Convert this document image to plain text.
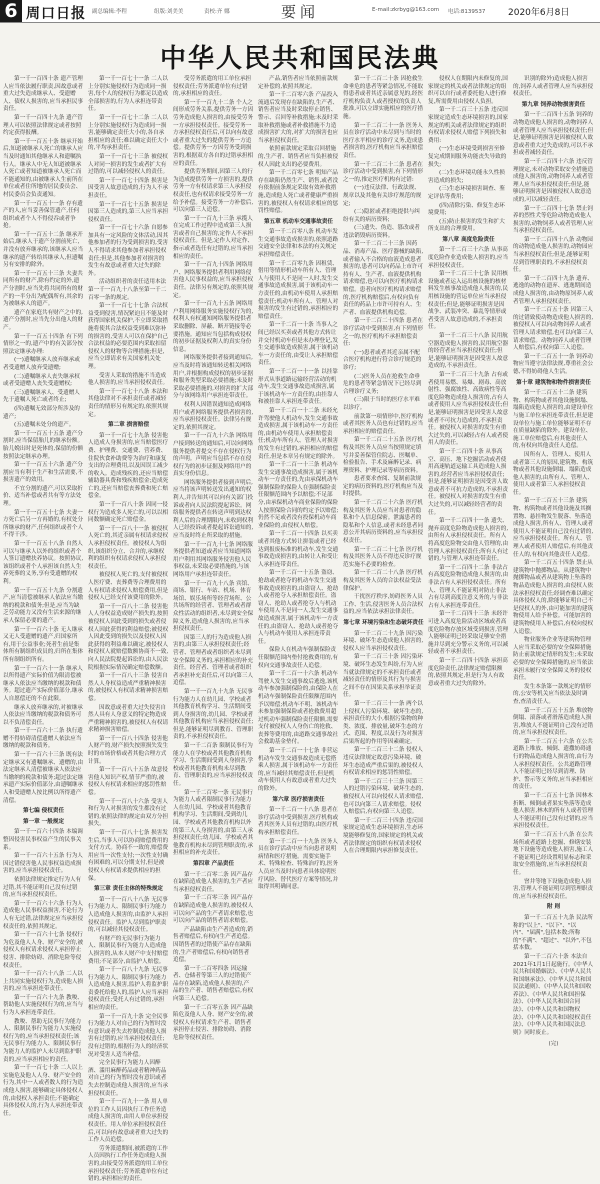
6 周口日报 副总编辑:李程	组版:刘美美	责校:齐 娜	要闻	E-mail:zkrbyg@163.com 电话:8139537	2020年6月8日
中华人民共和国民法典

第一千一百四十条 遗产管理人应当依法履行职责,因故意或者重大过失造成继承人、受遗赠人、债权人损害的,应当承担民事责任。

第一千一百四十九条 遗产管理人可以依照法律规定或者按照约定获得报酬。

第一千一百五十条 继承开始后,知道被继承人死亡的继承人应当及时通知其他继承人和遗嘱执行人。继承人中无人知道被继承人死亡或者知道被继承人死亡而不能通知的,由被继承人生前所在单位或者住所地的居民委员会、村民委员会负责通知。

第一千一百五十一条 存有遗产的人,应当妥善保管遗产,任何组织或者个人不得侵吞或者争抢。

第一千一百五十二条 继承开始后,继承人于遗产分割前死亡,并没有放弃继承的,该继承人应当继承的遗产转给其继承人,但遗嘱另有安排的除外。

第一千一百五十三条 夫妻共同所有的财产,除有约定的外,遗产分割时,应当先将共同所有的财产的一半分出为配偶所有,其余的为被继承人的遗产。

遗产在家庭共有财产之中的,遗产分割时,应当先分出他人的财产。

第一千一百五十四条 有下列情形之一的,遗产中的有关部分按照法定继承办理:

(一)遗嘱继承人放弃继承或者受遗赠人放弃受遗赠;

(二)遗嘱继承人丧失继承权或者受遗赠人丧失受遗赠权;

(三)遗嘱继承人、受遗赠人先于遗嘱人死亡或者终止;

(四)遗嘱无效部分所涉及的遗产;

(五)遗嘱未处分的遗产。

第一千一百五十五条 遗产分割时,应当保留胎儿的继承份额。胎儿娩出时是死体的,保留的份额按照法定继承办理。

第一千一百五十六条 遗产分割应当有利于生产和生活需要,不损害遗产的效用。

不宜分割的遗产,可以采取折价、适当补偿或者共有等方法处理。

第一千一百五十七条 夫妻一方死亡后另一方再婚的,有权处分所继承的财产,任何组织或者个人不得干涉。

第一千一百五十八条 自然人可以与继承人以外的组织或者个人签订遗赠扶养协议。按照协议,该组织或者个人承担该自然人生养死葬的义务,享有受遗赠的权利。

第一千一百五十九条 分割遗产,应当清偿被继承人依法应当缴纳的税款和债务;但是,应当为缺乏劳动能力又没有生活来源的继承人保留必要的遗产。

第一千一百六十条 无人继承又无人受遗赠的遗产,归国家所有,用于公益事业;死者生前是集体所有制组织成员的,归所在集体所有制组织所有。

第一千一百六十一条 继承人以所得遗产实际价值为限清偿被继承人依法应当缴纳的税款和债务。超过遗产实际价值部分,继承人自愿偿还的不在此限。

继承人放弃继承的,对被继承人依法应当缴纳的税款和债务可以不负清偿责任。

第一千一百六十二条 执行遗赠不得妨碍清偿遗赠人依法应当缴纳的税款和债务。

第一千一百六十三条 既有法定继承又有遗嘱继承、遗赠的,由法定继承人清偿被继承人依法应当缴纳的税款和债务;超过法定继承遗产实际价值部分,由遗嘱继承人和受遗赠人按比例以所得遗产清偿。

第七编 侵权责任

第一章 一般规定

第一千一百六十四条 本编调整因侵害民事权益产生的民事关系。

第一千一百六十五条 行为人因过错侵害他人民事权益造成损害的,应当承担侵权责任。

依照法律规定推定行为人有过错,其不能证明自己没有过错的,应当承担侵权责任。

第一千一百六十六条 行为人造成他人民事权益损害,不论行为人有无过错,法律规定应当承担侵权责任的,依照其规定。

第一千一百六十七条 侵权行为危及他人人身、财产安全的,被侵权人有权请求侵权人承担停止侵害、排除妨碍、消除危险等侵权责任。

第一千一百六十八条 二人以上共同实施侵权行为,造成他人损害的,应当承担连带责任。

第一千一百六十九条 教唆、帮助他人实施侵权行为的,应当与行为人承担连带责任。

教唆、帮助无民事行为能力人、限制民事行为能力人实施侵权行为的,应当承担侵权责任;该无民事行为能力人、限制民事行为能力人的监护人未尽到监护职责的,应当承担相应的责任。

第一千一百七十条 二人以上实施危及他人人身、财产安全的行为,其中一人或者数人的行为造成他人损害,能够确定具体侵权人的,由侵权人承担责任;不能确定具体侵权人的,行为人承担连带责任。

第一千一百七十一条 二人以上分别实施侵权行为造成同一损害,每个人的侵权行为都足以造成全部损害的,行为人承担连带责任。

第一千一百七十二条 二人以上分别实施侵权行为造成同一损害,能够确定责任大小的,各自承担相应的责任;难以确定责任大小的,平均承担责任。

第一千一百七十三条 被侵权人对同一损害的发生或者扩大有过错的,可以减轻侵权人的责任。

第一千一百七十四条 损害是因受害人故意造成的,行为人不承担责任。

第一千一百七十五条 损害是因第三人造成的,第三人应当承担侵权责任。

第一千一百七十六条 自愿参加具有一定风险的文体活动,因其他参加者的行为受到损害的,受害人不得请求其他参加者承担侵权责任;但是,其他参加者对损害的发生有故意或者重大过失的除外。

活动组织者的责任适用本法第一千一百九十八条至第一千二百零一条的规定。

第一千一百七十七条 合法权益受到侵害,情况紧迫且不能及时获得国家机关保护,不立即采取措施将使其合法权益受到难以弥补的损害的,受害人可以在保护自己合法权益的必要范围内采取扣留侵权人的财物等合理措施;但是,应当立即请求有关国家机关处理。

受害人采取的措施不当造成他人损害的,应当承担侵权责任。

第一千一百七十八条 本法和其他法律对不承担责任或者减轻责任的情形另有规定的,依照其规定。

第二章 损害赔偿

第一千一百七十九条 侵害他人造成人身损害的,应当赔偿医疗费、护理费、交通费、营养费、住院伙食补助费等为治疗和康复支出的合理费用,以及因误工减少的收入。造成残疾的,还应当赔偿辅助器具费和残疾赔偿金;造成死亡的,还应当赔偿丧葬费和死亡赔偿金。

第一千一百八十条 因同一侵权行为造成多人死亡的,可以以相同数额确定死亡赔偿金。

第一千一百八十一条 被侵权人死亡的,其近亲属有权请求侵权人承担侵权责任。被侵权人为组织,该组织分立、合并的,承继权利的组织有权请求侵权人承担侵权责任。

被侵权人死亡的,支付被侵权人医疗费、丧葬费等合理费用的人有权请求侵权人赔偿费用,但是侵权人已经支付该费用的除外。

第一千一百八十二条 侵害他人人身权益造成财产损失的,按照被侵权人因此受到的损失或者侵权人因此获得的利益赔偿;被侵权人因此受到的损失以及侵权人因此获得的利益难以确定,被侵权人和侵权人就赔偿数额协商不一致,向人民法院提起诉讼的,由人民法院根据实际情况确定赔偿数额。

第一千一百八十三条 侵害自然人人身权益造成严重精神损害的,被侵权人有权请求精神损害赔偿。

因故意或者重大过失侵害自然人具有人身意义的特定物造成严重精神损害的,被侵权人有权请求精神损害赔偿。

第一千一百八十四条 侵害他人财产的,财产损失按照损失发生时的市场价格或者其他合理方式计算。

第一千一百八十五条 故意侵害他人知识产权,情节严重的,被侵权人有权请求相应的惩罚性赔偿。

第一千一百八十六条 受害人和行为人对损害的发生都没有过错的,依照法律的规定由双方分担损失。

第一千一百八十七条 损害发生后,当事人可以协商赔偿费用的支付方式。协商不一致的,赔偿费用应当一次性支付;一次性支付确有困难的,可以分期支付,但是被侵权人有权请求提供相应的担保。

第三章 责任主体的特殊规定

第一千一百八十八条 无民事行为能力人、限制民事行为能力人造成他人损害的,由监护人承担侵权责任。监护人尽到监护职责的,可以减轻其侵权责任。

有财产的无民事行为能力人、限制民事行为能力人造成他人损害的,从本人财产中支付赔偿费用;不足部分,由监护人赔偿。

第一千一百八十九条 无民事行为能力人、限制民事行为能力人造成他人损害,监护人将监护职责委托给他人的,监护人应当承担侵权责任;受托人有过错的,承担相应的责任。

第一千一百九十条 完全民事行为能力人对自己的行为暂时没有意识或者失去控制造成他人损害有过错的,应当承担侵权责任;没有过错的,根据行为人的经济状况对受害人适当补偿。

完全民事行为能力人因醉酒、滥用麻醉药品或者精神药品对自己的行为暂时没有意识或者失去控制造成他人损害的,应当承担侵权责任。

第一千一百九十一条 用人单位的工作人员因执行工作任务造成他人损害的,由用人单位承担侵权责任。用人单位承担侵权责任后,可以向有故意或者重大过失的工作人员追偿。

劳务派遣期间,被派遣的工作人员因执行工作任务造成他人损害的,由接受劳务派遣的用工单位承担侵权责任;劳务派遣单位有过错的,承担相应的责任。

受劳务派遣的用工单位承担侵权责任;劳务派遣单位有过错的,承担相应的责任。

第一千一百九十二条 个人之间形成劳务关系,提供劳务一方因劳务造成他人损害的,由接受劳务一方承担侵权责任。接受劳务一方承担侵权责任后,可以向有故意或者重大过失的提供劳务一方追偿。提供劳务一方因劳务受到损害的,根据双方各自的过错承担相应的责任。

提供劳务期间,因第三人的行为造成提供劳务一方损害的,提供劳务一方有权请求第三人承担侵权责任,也有权请求接受劳务一方给予补偿。接受劳务一方补偿后,可以向第三人追偿。

第一千一百九十三条 承揽人在完成工作过程中造成第三人损害或者自己损害的,定作人不承担侵权责任。但是,定作人对定作、指示或者选任有过错的,应当承担相应的责任。

第一千一百九十四条 网络用户、网络服务提供者利用网络侵害他人民事权益的,应当承担侵权责任。法律另有规定的,依照其规定。

第一千一百九十五条 网络用户利用网络服务实施侵权行为的,权利人有权通知网络服务提供者采取删除、屏蔽、断开链接等必要措施。通知应当包括构成侵权的初步证据及权利人的真实身份信息。

网络服务提供者接到通知后,应当及时将该通知转送相关网络用户,并根据构成侵权的初步证据和服务类型采取必要措施;未及时采取必要措施的,对损害的扩大部分与该网络用户承担连带责任。

权利人因错误通知造成网络用户或者网络服务提供者损害的,应当承担侵权责任。法律另有规定的,依照其规定。

第一千一百九十六条 网络用户接到转送的通知后,可以向网络服务提供者提交不存在侵权行为的声明。声明应当包括不存在侵权行为的初步证据及网络用户的真实身份信息。

网络服务提供者接到声明后,应当将该声明转送发出通知的权利人,并告知其可以向有关部门投诉或者向人民法院提起诉讼。网络服务提供者在转送声明到达权利人后的合理期限内,未收到权利人已经投诉或者提起诉讼通知的,应当及时终止所采取的措施。

第一千一百九十七条 网络服务提供者知道或者应当知道网络用户利用其网络服务侵害他人民事权益,未采取必要措施的,与该网络用户承担连带责任。

第一千一百九十八条 宾馆、商场、银行、车站、机场、体育场馆、娱乐场所等经营场所、公共场所的经营者、管理者或者群众性活动的组织者,未尽到安全保障义务,造成他人损害的,应当承担侵权责任。

因第三人的行为造成他人损害的,由第三人承担侵权责任;经营者、管理者或者组织者未尽到安全保障义务的,承担相应的补充责任。经营者、管理者或者组织者承担补充责任后,可以向第三人追偿。

第一千一百九十九条 无民事行为能力人在幼儿园、学校或者其他教育机构学习、生活期间受到人身损害的,幼儿园、学校或者其他教育机构应当承担侵权责任;但是,能够证明尽到教育、管理职责的,不承担侵权责任。

第一千二百条 限制民事行为能力人在学校或者其他教育机构学习、生活期间受到人身损害,学校或者其他教育机构未尽到教育、管理职责的,应当承担侵权责任。

第一千二百零一条 无民事行为能力人或者限制民事行为能力人在幼儿园、学校或者其他教育机构学习、生活期间,受到幼儿园、学校或者其他教育机构以外的第三人人身损害的,由第三人承担侵权责任;幼儿园、学校或者其他教育机构未尽到管理职责的,承担相应的补充责任。

第四章 产品责任

第一千二百零二条 因产品存在缺陷造成他人损害的,生产者应当承担侵权责任。

第一千二百零三条 因产品存在缺陷造成他人损害的,被侵权人可以向产品的生产者请求赔偿,也可以向产品的销售者请求赔偿。

产品缺陷由生产者造成的,销售者赔偿后,有权向生产者追偿。因销售者的过错使产品存在缺陷的,生产者赔偿后,有权向销售者追偿。

第一千二百零四条 因运输者、仓储者等第三人的过错使产品存在缺陷,造成他人损害的,产品的生产者、销售者赔偿后,有权向第三人追偿。

第一千二百零五条 因产品缺陷危及他人人身、财产安全的,被侵权人有权请求生产者、销售者承担停止侵害、排除妨碍、消除危险等侵权责任。

产品,销售者应当依照前款规定补偿的,依照其规定。

第一千二百零六条 产品投入流通后发现存在缺陷的,生产者、销售者应当及时采取停止销售、警示、召回等补救措施;未及时采取补救措施或者补救措施不力造成损害扩大的,对扩大的损害也应当承担侵权责任。

依照前款规定采取召回措施的,生产者、销售者应当负担被侵权人因此支出的必要费用。

第一千二百零七条 明知产品存在缺陷仍然生产、销售,或者没有依据前条规定采取有效补救措施,造成他人死亡或者健康严重损害的,被侵权人有权请求相应的惩罚性赔偿。

第五章 机动车交通事故责任

第一千二百零八条 机动车发生交通事故造成损害的,依照道路交通安全法律和本法的有关规定承担赔偿责任。

第一千二百零九条 因租赁、借用等情形机动车所有人、管理人与使用人不是同一人时,发生交通事故造成损害,属于该机动车一方责任的,由机动车使用人承担赔偿责任;机动车所有人、管理人对损害的发生有过错的,承担相应的赔偿责任。

第一千二百一十条 当事人之间已经以买卖或者其他方式转让并交付机动车但是未办理登记,发生交通事故造成损害,属于该机动车一方责任的,由受让人承担赔偿责任。

第一千二百一十一条 以挂靠形式从事道路运输经营活动的机动车,发生交通事故造成损害,属于该机动车一方责任的,由挂靠人和被挂靠人承担连带责任。

第一千二百一十二条 未经允许驾驶他人机动车,发生交通事故造成损害,属于该机动车一方责任的,由机动车使用人承担赔偿责任;机动车所有人、管理人对损害的发生有过错的,承担相应的赔偿责任,但是本章另有规定的除外。

第一千二百一十三条 机动车发生交通事故造成损害,属于该机动车一方责任的,先由承保机动车强制保险的保险人在强制保险责任限额范围内予以赔偿;不足部分,由承保机动车商业保险的保险人按照保险合同的约定予以赔偿;仍然不足或者没有投保机动车商业保险的,由侵权人赔偿。

第一千二百一十四条 以买卖或者其他方式转让拼装或者已经达到报废标准的机动车,发生交通事故造成损害的,由转让人和受让人承担连带责任。

第一千二百一十五条 盗窃、抢劫或者抢夺的机动车发生交通事故造成损害的,由盗窃人、抢劫人或者抢夺人承担赔偿责任。盗窃人、抢劫人或者抢夺人与机动车使用人不是同一人,发生交通事故造成损害,属于该机动车一方责任的,由盗窃人、抢劫人或者抢夺人与机动车使用人承担连带责任。

保险人在机动车强制保险责任限额范围内垫付抢救费用的,有权向交通事故责任人追偿。

第一千二百一十六条 机动车驾驶人发生交通事故后逃逸,该机动车参加强制保险的,由保险人在机动车强制保险责任限额范围内予以赔偿;机动车不明、该机动车未参加强制保险或者抢救费用超过机动车强制保险责任限额,需要支付被侵权人人身伤亡的抢救、丧葬等费用的,由道路交通事故社会救助基金垫付。

第一千二百一十七条 非营运机动车发生交通事故造成无偿搭乘人损害,属于该机动车一方责任的,应当减轻其赔偿责任,但是机动车使用人有故意或者重大过失的除外。

第六章 医疗损害责任

第一千二百一十八条 患者在诊疗活动中受到损害,医疗机构或者其医务人员有过错的,由医疗机构承担赔偿责任。

第一千二百一十九条 医务人员在诊疗活动中应当向患者说明病情和医疗措施。需要实施手术、特殊检查、特殊治疗的,医务人员应当及时向患者具体说明医疗风险、替代医疗方案等情况,并取得其明确同意。

第一千二百二十条 因抢救生命垂危的患者等紧急情况,不能取得患者或者其近亲属意见的,经医疗机构负责人或者授权的负责人批准,可以立即实施相应的医疗措施。

第一千二百二十一条 医务人员在诊疗活动中未尽到与当时的医疗水平相应的诊疗义务,造成患者损害的,医疗机构应当承担赔偿责任。

第一千二百二十二条 患者在诊疗活动中受到损害,有下列情形之一的,推定医疗机构有过错:

(一)违反法律、行政法规、规章以及其他有关诊疗规范的规定;

(二)隐匿或者拒绝提供与纠纷有关的病历资料;

(三)遗失、伪造、篡改或者违法销毁病历资料。

第一千二百二十三条 因药品、消毒产品、医疗器械的缺陷,或者输入不合格的血液造成患者损害的,患者可以向药品上市许可持有人、生产者、血液提供机构请求赔偿,也可以向医疗机构请求赔偿。患者向医疗机构请求赔偿的,医疗机构赔偿后,有权向负有责任的药品上市许可持有人、生产者、血液提供机构追偿。

第一千二百二十四条 患者在诊疗活动中受到损害,有下列情形之一的,医疗机构不承担赔偿责任:

(一)患者或者其近亲属不配合医疗机构进行符合诊疗规范的诊疗;

(二)医务人员在抢救生命垂危的患者等紧急情况下已经尽到合理诊疗义务;

(三)限于当时的医疗水平难以诊疗。

前款第一项情形中,医疗机构或者其医务人员也有过错的,应当承担相应的赔偿责任。

第一千二百二十五条 医疗机构及其医务人员应当按照规定填写并妥善保管住院志、医嘱单、检验报告、手术及麻醉记录、病理资料、护理记录等病历资料。

患者要求查阅、复制前款规定的病历资料的,医疗机构应当及时提供。

第一千二百二十六条 医疗机构及其医务人员应当对患者的隐私和个人信息保密。泄露患者的隐私和个人信息,或者未经患者同意公开其病历资料的,应当承担侵权责任。

第一千二百二十七条 医疗机构及其医务人员不得违反诊疗规范实施不必要的检查。

第一千二百二十八条 医疗机构及其医务人员的合法权益受法律保护。

干扰医疗秩序,妨碍医务人员工作、生活,侵害医务人员合法权益的,应当依法承担法律责任。

第七章 环境污染和生态破坏责任

第一千二百二十九条 因污染环境、破坏生态造成他人损害的,侵权人应当承担侵权责任。

第一千二百三十条 因污染环境、破坏生态发生纠纷,行为人应当就法律规定的不承担责任或者减轻责任的情形及其行为与损害之间不存在因果关系承担举证责任。

第一千二百三十一条 两个以上侵权人污染环境、破坏生态的,承担责任的大小,根据污染物的种类、浓度、排放量,破坏生态的方式、范围、程度,以及行为对损害后果所起的作用等因素确定。

第一千二百三十二条 侵权人违反法律规定故意污染环境、破坏生态造成严重后果的,被侵权人有权请求相应的惩罚性赔偿。

第一千二百三十三条 因第三人的过错污染环境、破坏生态的,被侵权人可以向侵权人请求赔偿,也可以向第三人请求赔偿。侵权人赔偿后,有权向第三人追偿。

第一千二百三十四条 违反国家规定造成生态环境损害,生态环境能够修复的,国家规定的机关或者法律规定的组织有权请求侵权人在合理期限内承担修复责任。

侵权人在期限内未修复的,国家规定的机关或者法律规定的组织可以自行或者委托他人进行修复,所需费用由侵权人负担。

第一千二百三十五条 违反国家规定造成生态环境损害的,国家规定的机关或者法律规定的组织有权请求侵权人赔偿下列损失和费用:

(一)生态环境受到损害至修复完成期间服务功能丧失导致的损失;

(二)生态环境功能永久性损害造成的损失;

(三)生态环境损害调查、鉴定评估等费用;

(四)清除污染、修复生态环境费用;

(五)防止损害的发生和扩大所支出的合理费用。

第八章 高度危险责任

第一千二百三十六条 从事高度危险作业造成他人损害的,应当承担侵权责任。

第一千二百三十七条 民用核设施或者运入运出核设施的核材料发生核事故造成他人损害的,民用核设施的营运单位应当承担侵权责任;但是,能够证明损害是因战争、武装冲突、暴乱等情形或者受害人故意造成的,不承担责任。

第一千二百三十八条 民用航空器造成他人损害的,民用航空器的经营者应当承担侵权责任;但是,能够证明损害是因受害人故意造成的,不承担责任。

第一千二百三十九条 占有或者使用易燃、易爆、剧毒、高放射性、强腐蚀性、高致病性等高度危险物造成他人损害的,占有人或者使用人应当承担侵权责任;但是,能够证明损害是因受害人故意或者不可抗力造成的,不承担责任。被侵权人对损害的发生有重大过失的,可以减轻占有人或者使用人的责任。

第一千二百四十条 从事高空、高压、地下挖掘活动或者使用高速轨道运输工具造成他人损害的,经营者应当承担侵权责任;但是,能够证明损害是因受害人故意或者不可抗力造成的,不承担责任。被侵权人对损害的发生有重大过失的,可以减轻经营者的责任。

第一千二百四十一条 遗失、抛弃高度危险物造成他人损害的,由所有人承担侵权责任。所有人将高度危险物交由他人管理的,由管理人承担侵权责任;所有人有过错的,与管理人承担连带责任。

第一千二百四十二条 非法占有高度危险物造成他人损害的,由非法占有人承担侵权责任。所有人、管理人不能证明对防止非法占有尽到高度注意义务的,与非法占有人承担连带责任。

第一千二百四十三条 未经许可进入高度危险活动区域或者高度危险物存放区域受到损害,管理人能够证明已经采取足够安全措施并尽到充分警示义务的,可以减轻或者不承担责任。

第一千二百四十四条 承担高度危险责任,法律规定赔偿限额的,依照其规定,但是行为人有故意或者重大过失的除外。

识别的除外)造成他人损害的,饲养人或者管理人应当承担侵权责任。

第九章 饲养动物损害责任

第一千二百四十五条 饲养的动物造成他人损害的,动物饲养人或者管理人应当承担侵权责任;但是,能够证明损害是因被侵权人故意或者重大过失造成的,可以不承担或者减轻责任。

第一千二百四十六条 违反管理规定,未对动物采取安全措施造成他人损害的,动物饲养人或者管理人应当承担侵权责任;但是,能够证明损害是因被侵权人故意造成的,可以减轻责任。

第一千二百四十七条 禁止饲养的烈性犬等危险动物造成他人损害的,动物饲养人或者管理人应当承担侵权责任。

第一千二百四十八条 动物园的动物造成他人损害的,动物园应当承担侵权责任;但是,能够证明尽到管理职责的,不承担侵权责任。

第一千二百四十九条 遗弃、逃逸的动物在遗弃、逃逸期间造成他人损害的,由动物原饲养人或者管理人承担侵权责任。

第一千二百五十条 因第三人的过错致使动物造成他人损害的,被侵权人可以向动物饲养人或者管理人请求赔偿,也可以向第三人请求赔偿。动物饲养人或者管理人赔偿后,有权向第三人追偿。

第一千二百五十一条 饲养动物应当遵守法律法规,尊重社会公德,不得妨碍他人生活。

第十章 建筑物和物件损害责任

第一千二百五十二条 建筑物、构筑物或者其他设施倒塌、塌陷造成他人损害的,由建设单位与施工单位承担连带责任,但是建设单位与施工单位能够证明不存在质量缺陷的除外。建设单位、施工单位赔偿后,有其他责任人的,有权向其他责任人追偿。

因所有人、管理人、使用人或者第三人的原因,建筑物、构筑物或者其他设施倒塌、塌陷造成他人损害的,由所有人、管理人、使用人或者第三人承担侵权责任。

第一千二百五十三条 建筑物、构筑物或者其他设施及其搁置物、悬挂物发生脱落、坠落造成他人损害,所有人、管理人或者使用人不能证明自己没有过错的,应当承担侵权责任。所有人、管理人或者使用人赔偿后,有其他责任人的,有权向其他责任人追偿。

第一千二百五十四条 禁止从建筑物中抛掷物品。从建筑物中抛掷物品或者从建筑物上坠落的物品造成他人损害的,由侵权人依法承担侵权责任;经调查难以确定具体侵权人的,除能够证明自己不是侵权人的外,由可能加害的建筑物使用人给予补偿。可能加害的建筑物使用人补偿后,有权向侵权人追偿。

物业服务企业等建筑物管理人应当采取必要的安全保障措施防止前款规定情形的发生;未采取必要的安全保障措施的,应当依法承担未履行安全保障义务的侵权责任。

发生本条第一款规定的情形的,公安等机关应当依法及时调查,查清责任人。

第一千二百五十五条 堆放物倒塌、滚落或者滑落造成他人损害,堆放人不能证明自己没有过错的,应当承担侵权责任。

第一千二百五十六条 在公共道路上堆放、倾倒、遗撒妨碍通行的物品造成他人损害的,由行为人承担侵权责任。公共道路管理人不能证明已经尽到清理、防护、警示等义务的,应当承担相应的责任。

第一千二百五十七条 因林木折断、倾倒或者果实坠落等造成他人损害,林木的所有人或者管理人不能证明自己没有过错的,应当承担侵权责任。

第一千二百五十八条 在公共场所或者道路上挖掘、修缮安装地下设施等造成他人损害,施工人不能证明已经设置明显标志和采取安全措施的,应当承担侵权责任。

窨井等地下设施造成他人损害,管理人不能证明尽到管理职责的,应当承担侵权责任。

附 则

第一千二百五十九条 民法所称的"以上"、"以下"、"以内"、"届满",包括本数;所称的"不满"、"超过"、"以外",不包括本数。

第一千二百六十条 本法自2021年1月1日起施行。《中华人民共和国婚姻法》、《中华人民共和国继承法》、《中华人民共和国民法通则》、《中华人民共和国收养法》、《中华人民共和国担保法》、《中华人民共和国合同法》、《中华人民共和国物权法》、《中华人民共和国侵权责任法》、《中华人民共和国民法总则》同时废止。

(完)
